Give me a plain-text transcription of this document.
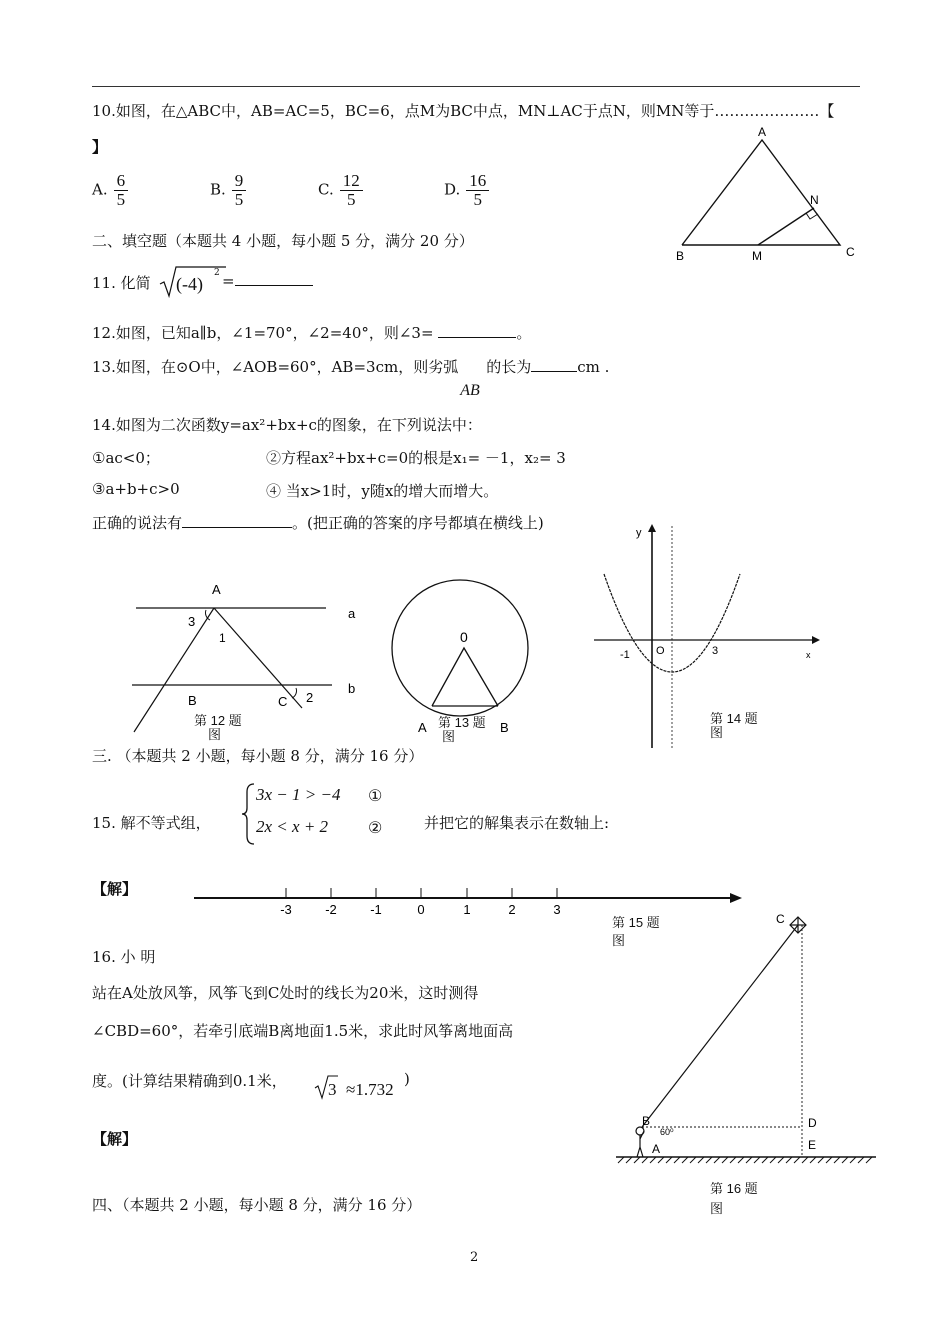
10.如图，在△ABC中，AB=AC=5，BC=6，点M为BC中点，MN⊥AC于点N，则MN等于…………………【
】
A. $\frac{6}{5}$	B. $\frac{9}{5}$	C. $\frac{12}{5}$	D. $\frac{16}{5}$
A
B	C
M
N
二、填空题（本题共 4 小题，每小题 5 分，满分 20 分）
11. 化简 (-4)
2 =
12.如图，已知a∥b，∠1=70°，∠2=40°，则∠3=	。
13.如图，在⊙O中，∠AOB=60°，AB=3cm，则劣弧
AB
的长为	cm .
14.如图为二次函数y=ax²+bx+c的图象，在下列说法中：
①ac<0；	②方程ax²+bx+c=0的根是x₁= －1，x₂= 3
③a+b+c>0	④ 当x>1时，y随x的增大而增大。
正确的说法有	。(把正确的答案的序号都填在横线上)
A
3
1
a
b
B	C 2
第 12 题
图
0
A	B
第 13 题
图
y
x
O
-1	3
第 14 题
图
三. （本题共 2 小题，每小题 8 分，满分 16 分）
15. 解不等式组，
3x − 1 > −4
2x < x + 2
①
②	并把它的解集表示在数轴上:
【解】
-3	-2	-1	0	1	2	3
第 15 题
图
16. 小 明
站在A处放风筝，风筝飞到C处时的线长为20米，这时测得
∠CBD=60°，若牵引底端B离地面1.5米，求此时风筝离地面高
度。(计算结果精确到0.1米， 3 ≈1.732
)
【解】
C
B
60⁰
A
D
E
第 16 题
图
四、（本题共 2 小题，每小题 8 分，满分 16 分）
2
